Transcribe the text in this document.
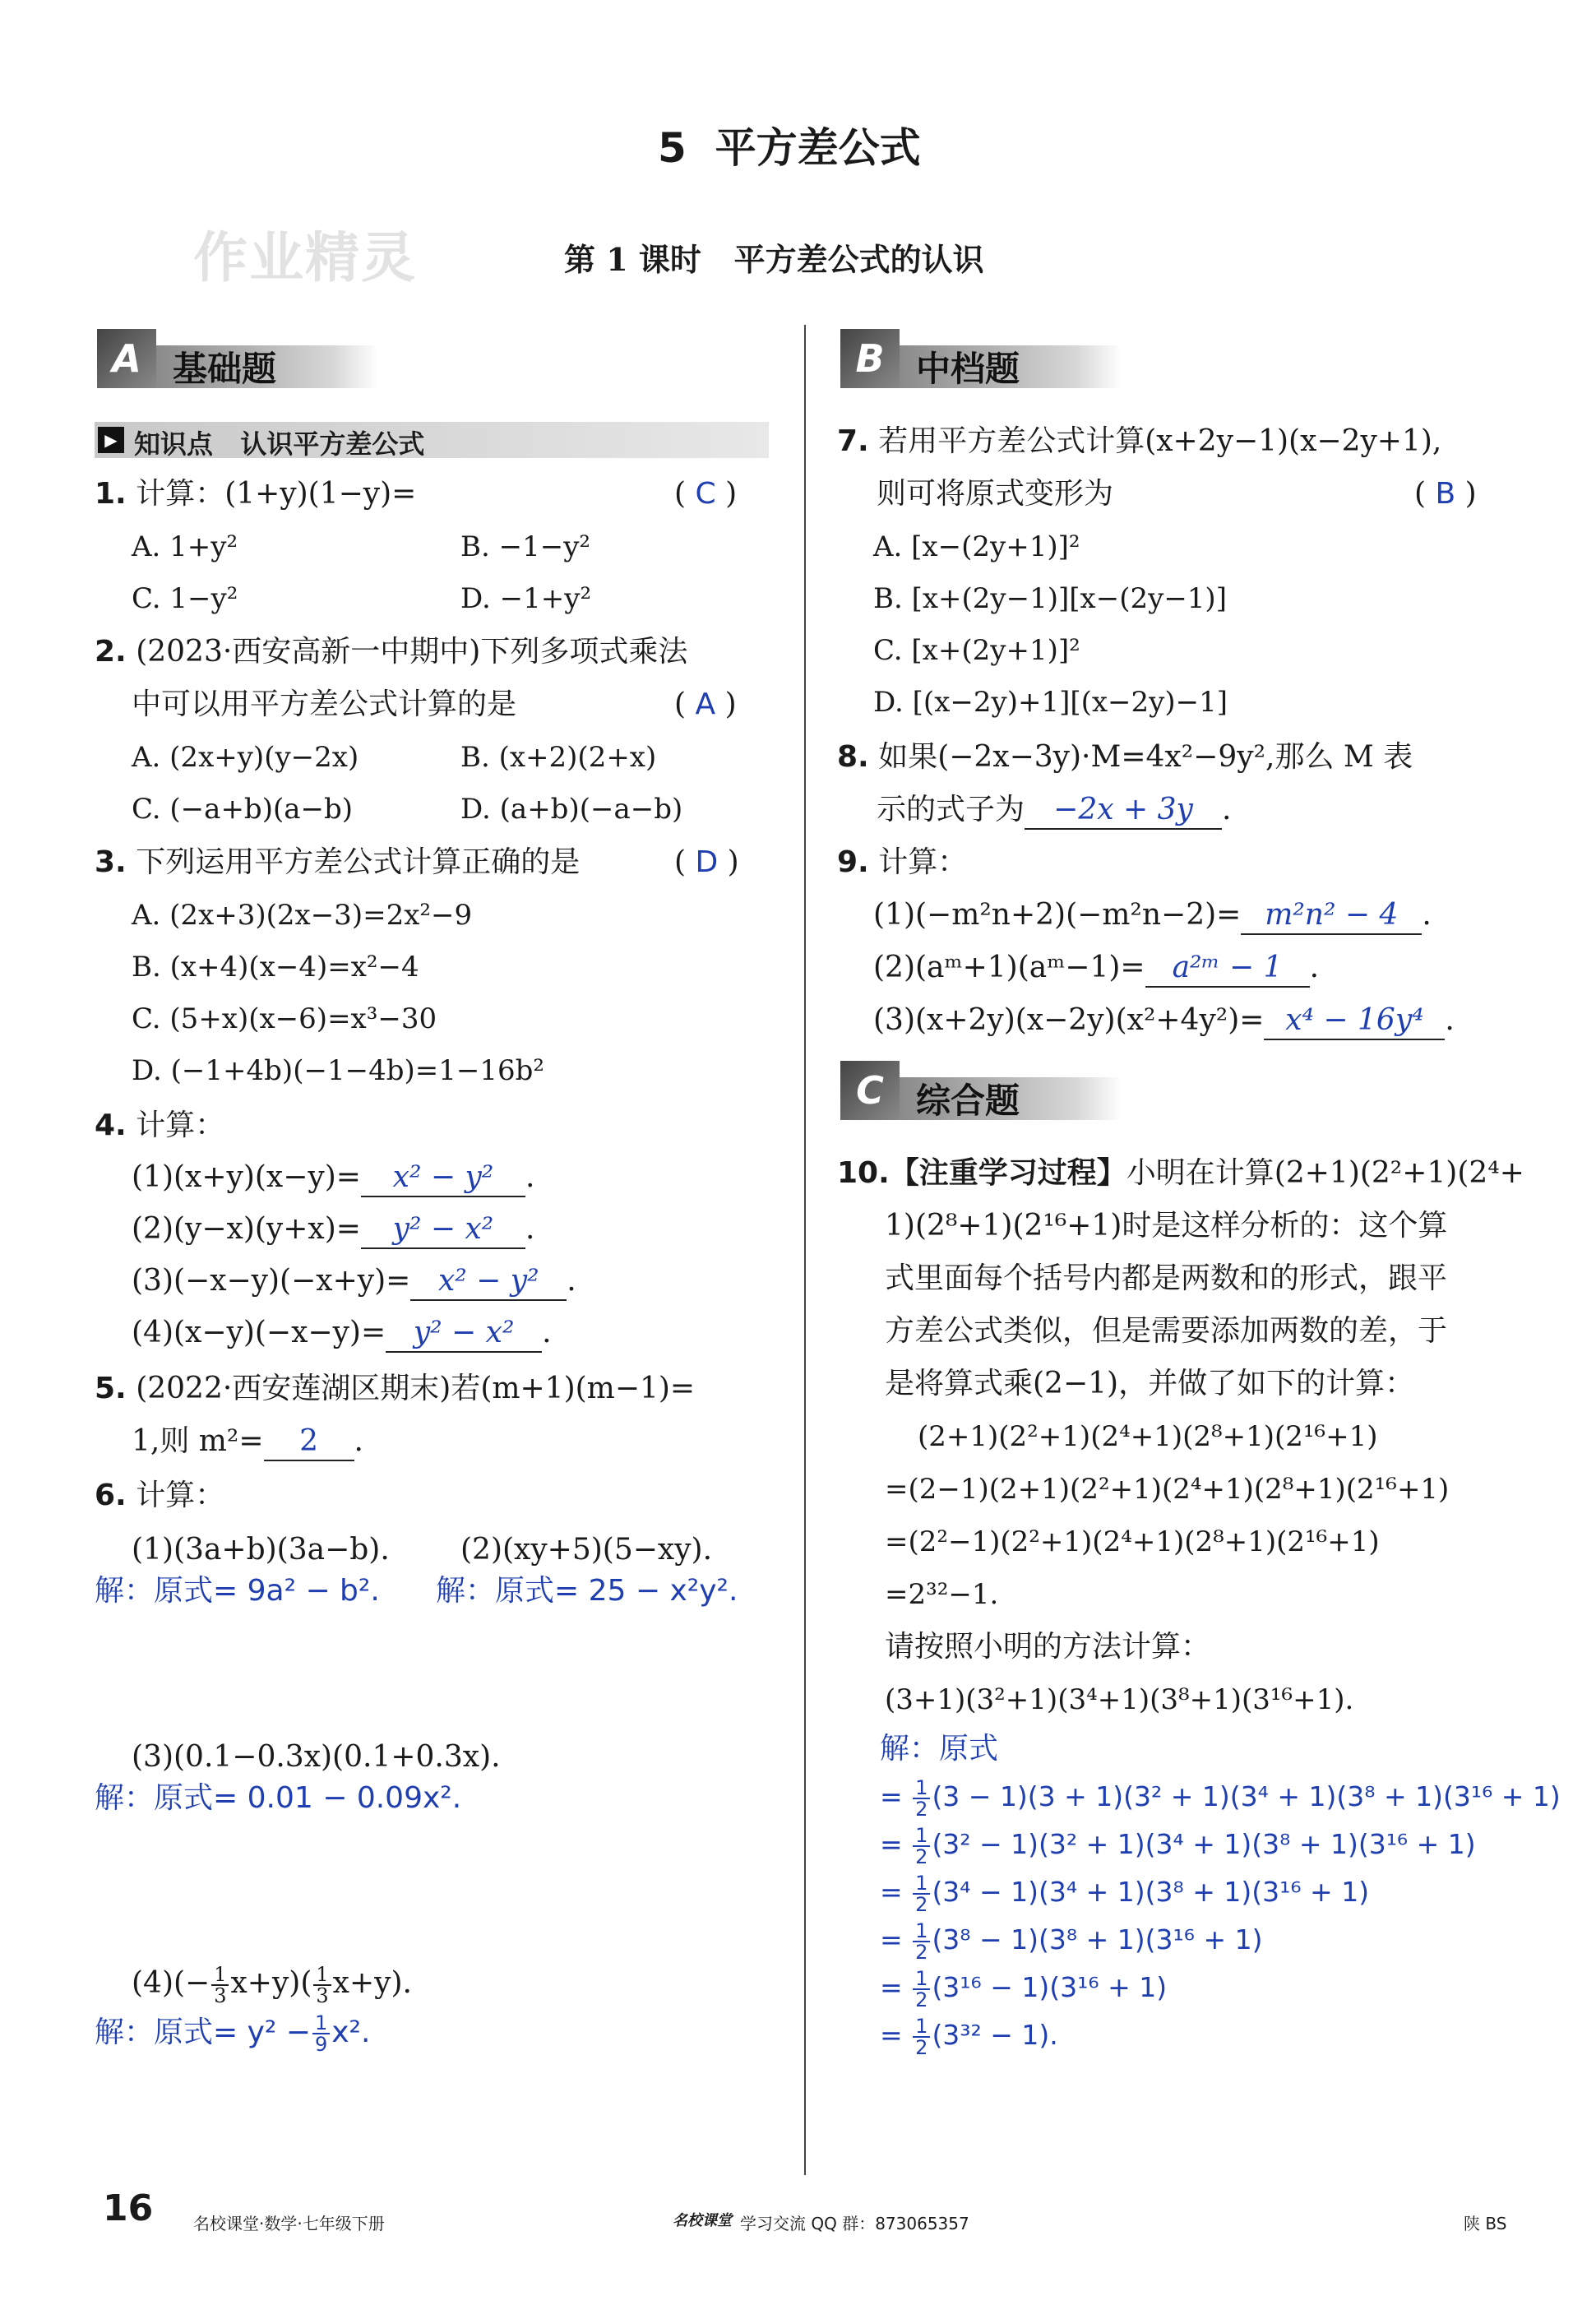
5  平方差公式
作业精灵	第 1 课时   平方差公式的认识
A 基础题
▶ 知识点   认识平方差公式
1. 计算：(1+y)(1−y)=	( C )
A. 1+y²	B. −1−y²
C. 1−y²	D. −1+y²
2. (2023·西安高新一中期中)下列多项式乘法
中可以用平方差公式计算的是	( A )
A. (2x+y)(y−2x)	B. (x+2)(2+x)
C. (−a+b)(a−b)	D. (a+b)(−a−b)
3. 下列运用平方差公式计算正确的是	( D )
A. (2x+3)(2x−3)=2x²−9
B. (x+4)(x−4)=x²−4
C. (5+x)(x−6)=x³−30
D. (−1+4b)(−1−4b)=1−16b²
4. 计算：
(1)(x+y)(x−y)= x² − y² .
(2)(y−x)(y+x)= y² − x² .
(3)(−x−y)(−x+y)= x² − y² .
(4)(x−y)(−x−y)= y² − x² .
5. (2022·西安莲湖区期末)若(m+1)(m−1)=
1,则 m²= 2 .
6. 计算：
(1)(3a+b)(3a−b). (2)(xy+5)(5−xy).
解：原式= 9a² − b². 解：原式= 25 − x²y².
(3)(0.1−0.3x)(0.1+0.3x).
解：原式= 0.01 − 0.09x².
$(4)(- \frac{1}{3} x+y)( \frac{1}{3} x+y)$.
解：原式= $y^2 - \frac{1}{9} x^2$.
B 中档题
7. 若用平方差公式计算(x+2y−1)(x−2y+1),
则可将原式变形为	( B )
A. [x−(2y+1)]²
B. [x+(2y−1)][x−(2y−1)]
C. [x+(2y+1)]²
D. [(x−2y)+1][(x−2y)−1]
8. 如果(−2x−3y)·M=4x²−9y²,那么 M 表
示的式子为 −2x + 3y .
9. 计算：
(1)(−m²n+2)(−m²n−2)= m²n² − 4 .
(2)(aᵐ+1)(aᵐ−1)= a²ᵐ − 1 .
(3)(x+2y)(x−2y)(x²+4y²)= x⁴ − 16y⁴ .
C 综合题
10.【注重学习过程】小明在计算(2+1)(2²+1)(2⁴+
1)(2⁸+1)(2¹⁶+1)时是这样分析的：这个算
式里面每个括号内都是两数和的形式，跟平
方差公式类似，但是需要添加两数的差，于
是将算式乘(2−1)，并做了如下的计算：
(2+1)(2²+1)(2⁴+1)(2⁸+1)(2¹⁶+1)
=(2−1)(2+1)(2²+1)(2⁴+1)(2⁸+1)(2¹⁶+1)
=(2²−1)(2²+1)(2⁴+1)(2⁸+1)(2¹⁶+1)
=2³²−1.
请按照小明的方法计算：
(3+1)(3²+1)(3⁴+1)(3⁸+1)(3¹⁶+1).
解：原式
= $\frac{1}{2} (3 - 1)(3 + 1)(3^2 + 1)(3^4 + 1)(3^8 + 1)(3^{16} + 1)$
= $\frac{1}{2} (3^2 - 1)(3^2 + 1)(3^4 + 1)(3^8 + 1)(3^{16} + 1)$
= $\frac{1}{2} (3^4 - 1)(3^4 + 1)(3^8 + 1)(3^{16} + 1)$
= $\frac{1}{2} (3^8 - 1)(3^8 + 1)(3^{16} + 1)$
= $\frac{1}{2} (3^{16} - 1)(3^{16} + 1)$
= $\frac{1}{2} (3^{32} - 1)$.
16 名校课堂·数学·七年级下册	名校课堂 学习交流 QQ 群：873065357	陕 BS
